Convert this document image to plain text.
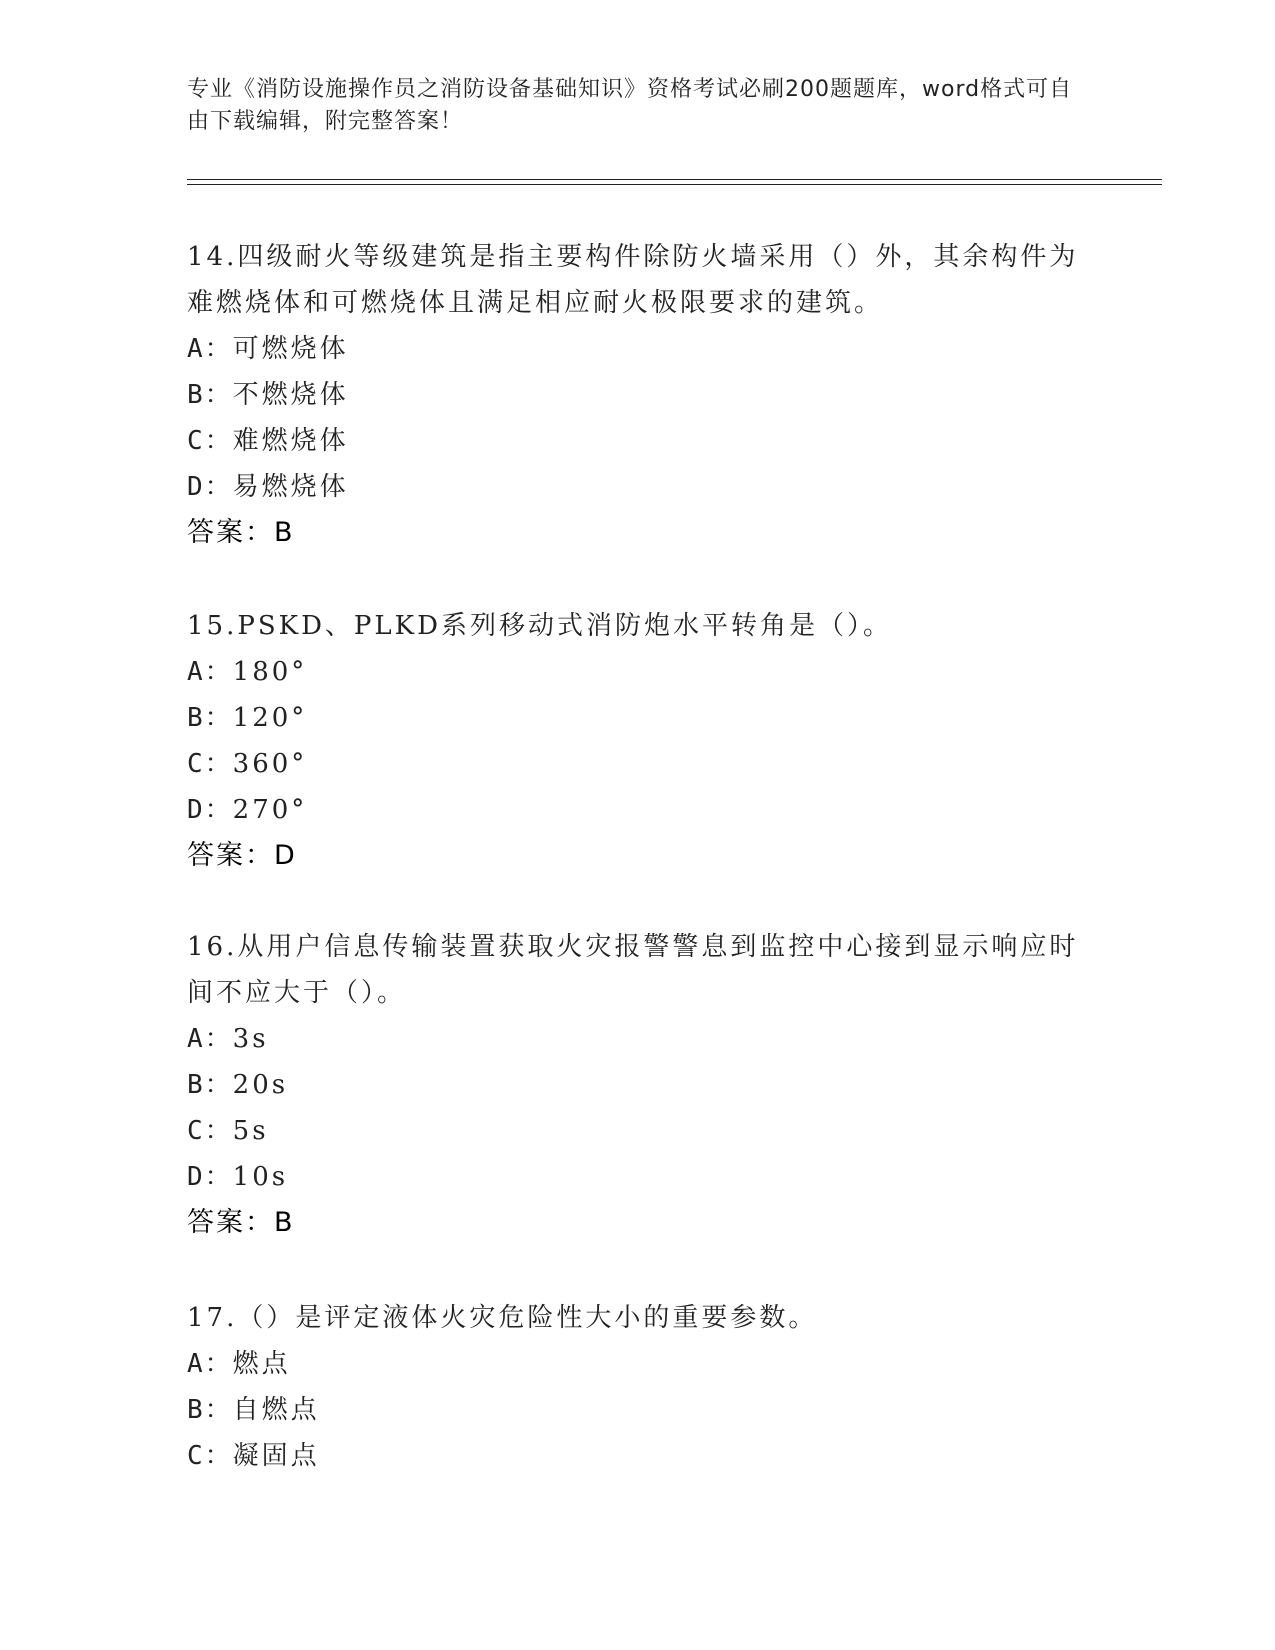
专业《消防设施操作员之消防设备基础知识》资格考试必刷200题题库，word格式可自由下载编辑，附完整答案！
14.四级耐火等级建筑是指主要构件除防火墙采用（）外，其余构件为难燃烧体和可燃烧体且满足相应耐火极限要求的建筑。
A：可燃烧体
B：不燃烧体
C：难燃烧体
D：易燃烧体
答案：B
15.PSKD、PLKD系列移动式消防炮水平转角是（）。
A：180°
B：120°
C：360°
D：270°
答案：D
16.从用户信息传输装置获取火灾报警警息到监控中心接到显示响应时间不应大于（）。
A：3s
B：20s
C：5s
D：10s
答案：B
17.（）是评定液体火灾危险性大小的重要参数。
A：燃点
B：自燃点
C：凝固点
